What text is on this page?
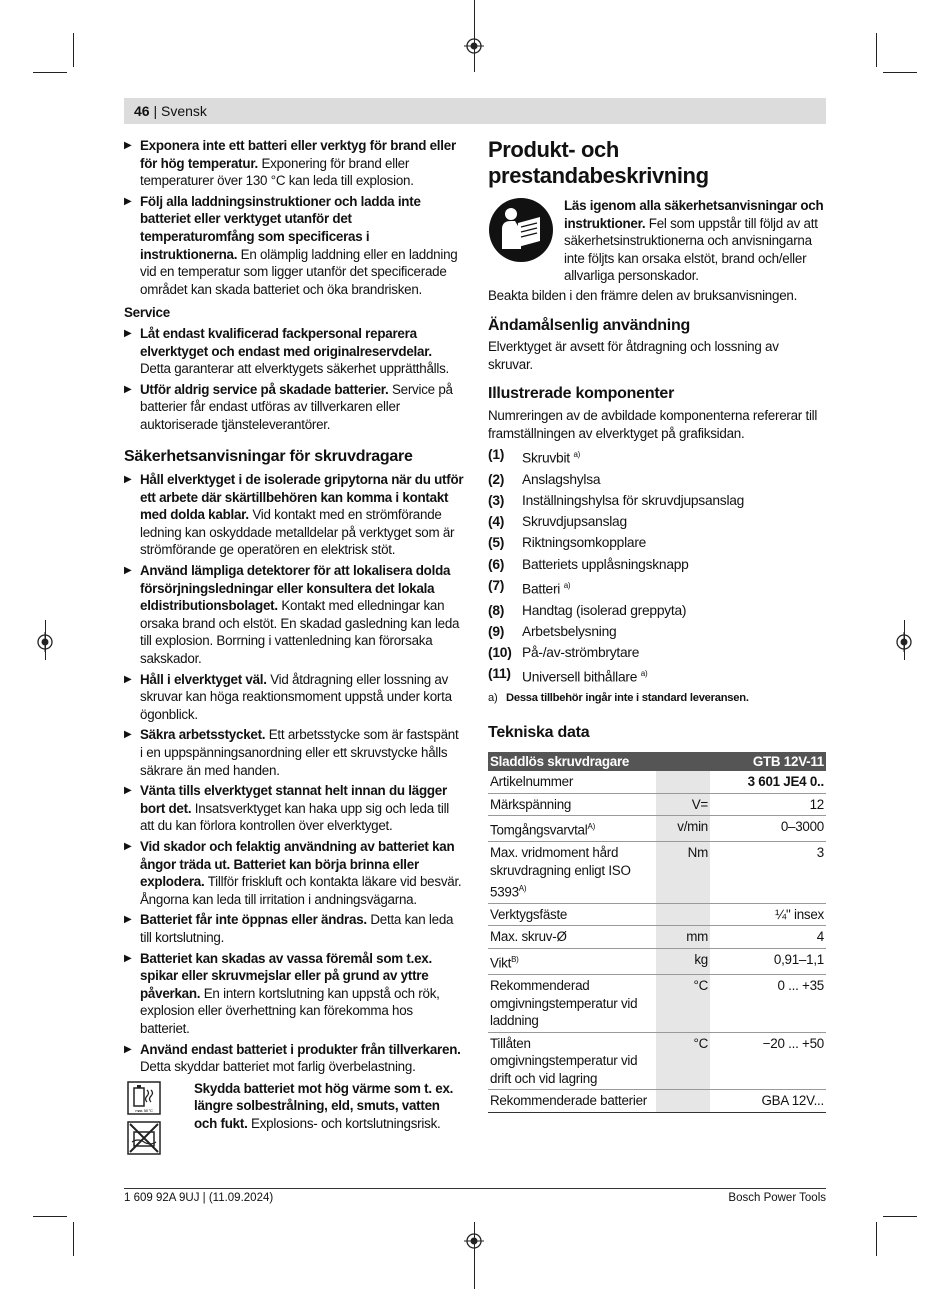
46 | Svensk
▶ Exponera inte ett batteri eller verktyg för brand eller för hög temperatur. Exponering för brand eller temperaturer över 130 °C kan leda till explosion.
▶ Följ alla laddningsinstruktioner och ladda inte batteriet eller verktyget utanför det temperaturomfång som specificeras i instruktionerna. En olämplig laddning eller en laddning vid en temperatur som ligger utanför det specificerade området kan skada batteriet och öka brandrisken.
Service
▶ Låt endast kvalificerad fackpersonal reparera elverktyget och endast med originalreservdelar. Detta garanterar att elverktygets säkerhet upprätthålls.
▶ Utför aldrig service på skadade batterier. Service på batterier får endast utföras av tillverkaren eller auktoriserade tjänsteleverantörer.
Säkerhetsanvisningar för skruvdragare
▶ Håll elverktyget i de isolerade gripytorna när du utför ett arbete där skärtillbehören kan komma i kontakt med dolda kablar. Vid kontakt med en strömförande ledning kan oskyddade metalldelar på verktyget som är strömförande ge operatören en elektrisk stöt.
▶ Använd lämpliga detektorer för att lokalisera dolda försörjningsledningar eller konsultera det lokala eldistributionsbolaget. Kontakt med elledningar kan orsaka brand och elstöt. En skadad gasledning kan leda till explosion. Borrning i vattenledning kan förorsaka sakskador.
▶ Håll i elverktyget väl. Vid åtdragning eller lossning av skruvar kan höga reaktionsmoment uppstå under korta ögonblick.
▶ Säkra arbetsstycket. Ett arbetsstycke som är fastspänt i en uppspänningsanordning eller ett skruvstycke hålls säkrare än med handen.
▶ Vänta tills elverktyget stannat helt innan du lägger bort det. Insatsverktyget kan haka upp sig och leda till att du kan förlora kontrollen över elverktyget.
▶ Vid skador och felaktig användning av batteriet kan ångor träda ut. Batteriet kan börja brinna eller explodera. Tillför friskluft och kontakta läkare vid besvär. Ångorna kan leda till irritation i andningsvägarna.
▶ Batteriet får inte öppnas eller ändras. Detta kan leda till kortslutning.
▶ Batteriet kan skadas av vassa föremål som t.ex. spikar eller skruvmejslar eller på grund av yttre påverkan. En intern kortslutning kan uppstå och rök, explosion eller överhettning kan förekomma hos batteriet.
▶ Använd endast batteriet i produkter från tillverkaren. Detta skyddar batteriet mot farlig överbelastning.
max. 50 °C

Skydda batteriet mot hög värme som t. ex. längre solbestrålning, eld, smuts, vatten och fukt. Explosions- och kortslutningsrisk.
Produkt- och prestandabeskrivning
Läs igenom alla säkerhetsanvisningar och instruktioner. Fel som uppstår till följd av att säkerhetsinstruktionerna och anvisningarna inte följts kan orsaka elstöt, brand och/eller allvarliga personskador.
Beakta bilden i den främre delen av bruksanvisningen.
Ändamålsenlig användning
Elverktyget är avsett för åtdragning och lossning av skruvar.
Illustrerade komponenter
Numreringen av de avbildade komponenterna refererar till framställningen av elverktyget på grafiksidan.
(1)	Skruvbit $^{a)}$
(2)	Anslagshylsa
(3)	Inställningshylsa för skruvdjupsanslag
(4)	Skruvdjupsanslag
(5)	Riktningsomkopplare
(6)	Batteriets upplåsningsknapp
(7)	Batteri $^{a)}$
(8)	Handtag (isolerad greppyta)
(9)	Arbetsbelysning
(10) På-/av-strömbrytare
(11) Universell bithållare $^{a)}$
a) Dessa tillbehör ingår inte i standard leveransen.
Tekniska data
Sladdlös skruvdragare		GTB 12V-11
Artikelnummer		3 601 JE4 0..
Märkspänning	V=	12
Tomgångsvarvtal$^{A)}$	v/min	0–3000
Max. vridmoment hård skruvdragning enligt ISO $5393^{A)}$	Nm	3
Verktygsfäste		¼" insex
Max. skruv-Ø	mm	4
Vikt$^{B)}$	kg	0,91–1,1
Rekommenderad omgivningstemperatur vid laddning	°C	0 ... +35
Tillåten omgivningstemperatur vid drift och vid lagring	°C	−20 ... +50
Rekommenderade batterier		GBA 12V...
1 609 92A 9UJ | (11.09.2024)	Bosch Power Tools
